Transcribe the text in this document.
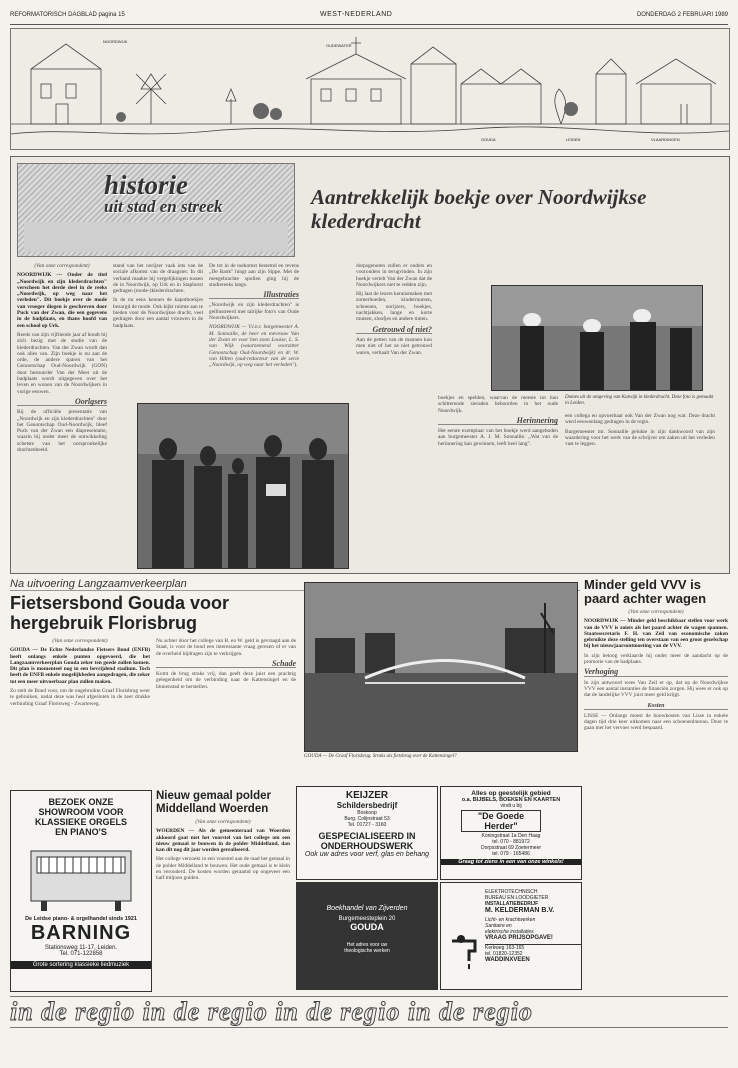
REFORMATORISCH DAGBLAD pagina 15	WEST-NEDERLAND	DONDERDAG 2 FEBRUARI 1989
NOORDWIJK
OUDEWATER
GOUDA	LEIDEN	VLAARDINGEN
historie
uit stad en streek	Aantrekkelijk boekje over Noordwijkse klederdracht

(Van onze correspondent)

NOORDWIJK — Onder de titel „Noordwijk en zijn klederdrachten" verscheen het derde deel in de reeks „Noordwijk, op weg naar het verleden". Dit boekje over de mode van vroeger diegen is geschreven door Puck van der Zwan, die een gegevens in de badplaats, en thans hoofd van een school op Urk.

Reeds van zijn vijftiende jaar af houdt hij zich bezig met de studie van de klederdrachten. Van der Zwan wordt dan ook alles van. Zijn boekje is nu aan de orde, de andere sparen van het Genootschap Oud-Noordwijk (GON) door bestuurder Van der Meer uit de badplaats wordt uitgegeven over het leven en wonen van de Noordwijkers in vorige eeuwen.

Oorlgsers

Bij de officiële presentatie van „Noordwijk en zijn klederdrachten" door het Genootschap Oud-Noordwijk, bleef Puck van der Zwan een diapresentatie, waarin hij onder meer de ontwikkeling schetste van het oorspronkelijke drachtenbeeld.

stand van het oorijzer vaak iets van de sociale afkomst van de draagster. In dit verband maakte hij vergelijkingen tussen de in Noordwijk, op Urk en in Staphorst gedragen (mode-)klederdrachten.

In de nu eens kennen de kapotboekjes bezorgd de mode. Ook kijkt ruimte aan te bieden voor de Noordwijkse dracht, veel gedragen door een aantal vrouwen in de badplaats.

De tot in de toekomst bestemd en tevens „De Bank" hingt aan zijn Sippe. Met de meegebrachte spullen ging hij de studiereeks langs.

Illustraties

„Noordwijk en zijn klederdrachten" is geïllustreerd met talrijke foto's van Oude Noordwijkers.

NOORDWIJK — V.l.n.r. burgemeester A. M. Sonnaille, de heer en mevrouw Van der Zwan en voor hen zoon Louise, L. S. van Wijk (waarnemend voorzitter Genootschap Oud-Noordwijk) en dr. W. van Hilten (oud-redacteur van de serie „Noordwijk, op weg naar het verleden").

dorpsgenoten zullen er ouders en voorouders in terugvinden. In zijn boekje vertelt Van der Zwan dat de Noordwijkers niet te redden zijn.

Hij laat de lezers kennismaken met zomerhoeden, kindermutsen, schoenen, oorijzers, boekjes, nachtjakken, lange en korte mutsen, sloofjes en andere tinten.

Getrouwd of niet?

Aan de petten van de mannen kon men niet of het ze niet getrouwd waren, verhaalt Van der Zwan.

boekjes en spelden, waarvan de meeste tot hun schitterende sieraden behoorden in het oude Noordwijk.

Herinnering

Het eerste exemplaar van het boekje werd aangeboden aan burgemeester A. J. M. Sonnaille. „Wat van de herinnering kan gewinnen, leeft heel lang".

Dames uit de omgeving van Katwijk in klederdracht. Deze foto is gemaakt in Leiden.

een collega en opvoerbaar ook Van der Zwan nog wat. Deze dracht werd eeuwenlang gedragen in de regio.

Burgemeester mr. Sonnaille gelukte in zijn dankwoord van zijn waardering voor het werk van de schrijver om zaken uit het verleden vast te leggen.

Na uitvoering Langzaamverkeerplan
Fietsersbond Gouda voor hergebruik Florisbrug

(Van onze correspondent)

GOUDA — De Echte Nederlandse Fietsers Bond (ENFB) heeft onlangs enkele punten opgevoerd, die het Langzaamverkeerplan Gouda zeker ten goede zullen komen. Dit plan is momenteel nog in een bevrijdend stadium. Toch heeft de ENFB enkele mogelijkheden aangedragen, die zeker tot een meer uitvoerbaar plan zullen maken.

Zo stelt de Bond voor, om de ongebruikte Graaf Florisbrug weer te gebruiken, nadat deze was heel afgesloten in de zeer drukke verbinding Graaf Florisweg - Zwarteweg.

Nu achter door het college van B. en W. geld is gevraagd aan de Staat, is voor de bond een interessante vraag gerezen of er van de overheid bijdragen zijn te verkrijgen.

Schade

Komt de brug straks vrij, dan geeft deze juist een prachtig gelegenheid om de verbinding naar de Kattensingel en de binnenstad te herstellen.

GOUDA — De Graaf Florisbrug. Straks als fietsbrug over de Kattensingel?
Minder geld VVV is paard achter wagen

(Van onze correspondent)

NOORDWIJK — Minder geld beschikbaar stellen voor werk van de VVV is zoiets als het paard achter de wagen spannen. Staatssecretaris F. H. van Zeil van economische zaken gebruikte deze stelling ten overstaan van een groot gezelschap bij het nieuwjaarsontmoeting van de VVV.

In zijn betoog verklaarde hij onder meer de aandacht op de promotie van de badplaats.

Verhoging

In zijn antwoord wees Van Zeil er op, dat op de Noordwijkse VVV een aantal instanties de financiën zorgen. Hij wees er ook op dat de landelijke VVV juist meer geld krijgt.

Kosten

LISSE — Onlangs moest de bouwkosten van Lisse in enkele dagen tijd drie keer uitkomen naar een schoenenbureau. Door te gaan met het vervoer werd bespaard.

BEZOEK ONZE
SHOWROOM VOOR
KLASSIEKE ORGELS
EN PIANO'S
De Leidse piano- & orgelhandel sinds 1921
BARNING
Stationsweg 11-17, Leiden.
Tel. 071-122858
Grote sortering klassieke liedmuziek
Nieuw gemaal polder Middelland Woerden

(Van onze correspondent)

WOERDEN — Als de gemeenteraad van Woerden akkoord gaat met het voorstel van het college om een nieuw gemaal te bouwen in de polder Middelland, dan kan dit nog dit jaar worden gerealiseerd.

Het college verzoekt in een voorstel aan de raad het gemaal in de polder Middelland te bouwen. Het oude gemaal is te klein en verouderd. De kosten worden geraamd op ongeveer een half miljoen gulden.

KEIJZER
Schildersbedrijf
Boskoop
Burg. Colijnstraat 53
Tel. 01727 - 3160
GESPECIALISEERD IN
ONDERHOUDSWERK
Ook uw adres voor verf, glas en behang
Alles op geestelijk gebied
o.a. BIJBELS, BOEKEN EN KAARTEN
vindt u bij
"De Goede Herder"
Koningstraat 1a Den Haag
tel. 070 - 881972
Dorpsstraat 69 Zoetermeer
tel. 079 - 165486
Graag tot ziens in een van onze winkels!
Boekhandel van Zijverden
Burgemeesteplein 20
GOUDA
Het adres voor uw
theologische werken
ELEKTROTECHNISCH
BUREAU EN LOODGIETER
INSTALLATIEBEDRIJF
M. KELDERMAN B.V.
Licht- en krachtwerken
Sanitaire en
elektrische installaties
VRAAG PRIJSOPGAVE!
Kerkweg 163-165
tel. 01820-12352
WADDINXVEEN
in de regio in de regio in de regio in de regio
